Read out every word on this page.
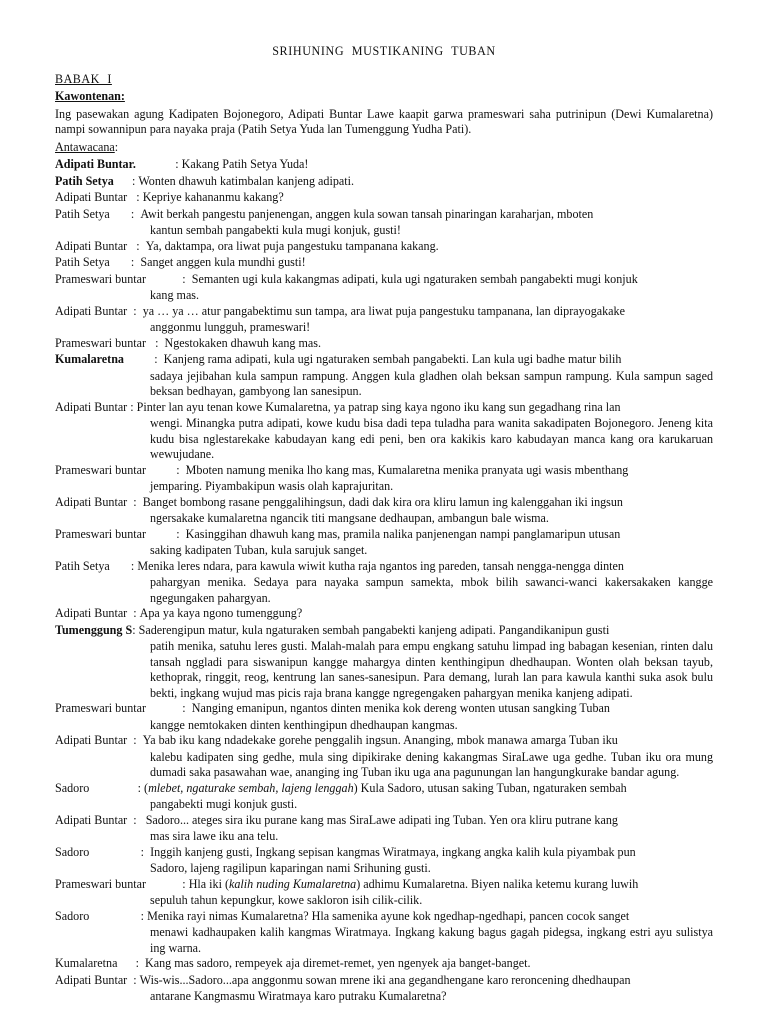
SRIHUNING MUSTIKANING TUBAN
BABAK I
Kawontenan:
Ing pasewakan agung Kadipaten Bojonegoro, Adipati Buntar Lawe kaapit garwa prameswari saha putrinipun (Dewi Kumalaretna) nampi sowannipun para nayaka praja (Patih Setya Yuda lan Tumenggung Yudha Pati).
Antawacana:
Adipati Buntar. : Kakang Patih Setya Yuda!
Patih Setya : Wonten dhawuh katimbalan kanjeng adipati.
Adipati Buntar : Kepriye kahananmu kakang?
Patih Setya : Awit berkah pangestu panjenengan, anggen kula sowan tansah pinaringan karaharjan, mboten
kantun sembah pangabekti kula mugi konjuk, gusti!
Adipati Buntar : Ya, daktampa, ora liwat puja pangestuku tampanana kakang.
Patih Setya : Sanget anggen kula mundhi gusti!
Prameswari buntar : Semanten ugi kula kakangmas adipati, kula ugi ngaturaken sembah pangabekti mugi konjuk
kang mas.
Adipati Buntar : ya … ya … atur pangabektimu sun tampa, ara liwat puja pangestuku tampanana, lan diprayogakake
anggonmu lungguh, prameswari!
Prameswari buntar : Ngestokaken dhawuh kang mas.
Kumalaretna : Kanjeng rama adipati, kula ugi ngaturaken sembah pangabekti. Lan kula ugi badhe matur bilih
sadaya jejibahan kula sampun rampung. Anggen kula gladhen olah beksan sampun rampung. Kula sampun saged beksan bedhayan, gambyong lan sanesipun.
Adipati Buntar : Pinter lan ayu tenan kowe Kumalaretna, ya patrap sing kaya ngono iku kang sun gegadhang rina lan
wengi. Minangka putra adipati, kowe kudu bisa dadi tepa tuladha para wanita sakadipaten Bojonegoro. Jeneng kita kudu bisa nglestarekake kabudayan kang edi peni, ben ora kakikis karo kabudayan manca kang ora karukaruan wewujudane.
Prameswari buntar : Mboten namung menika lho kang mas, Kumalaretna menika pranyata ugi wasis mbenthang
jemparing. Piyambakipun wasis olah kaprajuritan.
Adipati Buntar : Banget bombong rasane penggalihingsun, dadi dak kira ora kliru lamun ing kalenggahan iki ingsun
ngersakake kumalaretna ngancik titi mangsane dedhaupan, ambangun bale wisma.
Prameswari buntar : Kasinggihan dhawuh kang mas, pramila nalika panjenengan nampi panglamaripun utusan
saking kadipaten Tuban, kula sarujuk sanget.
Patih Setya : Menika leres ndara, para kawula wiwit kutha raja ngantos ing pareden, tansah nengga-nengga dinten
pahargyan menika. Sedaya para nayaka sampun samekta, mbok bilih sawanci-wanci kakersakaken kangge ngegungaken pahargyan.
Adipati Buntar : Apa ya kaya ngono tumenggung?
Tumenggung S : Saderengipun matur, kula ngaturaken sembah pangabekti kanjeng adipati. Pangandikanipun gusti
patih menika, satuhu leres gusti. Malah-malah para empu engkang satuhu limpad ing babagan kesenian, rinten dalu tansah nggladi para siswanipun kangge mahargya dinten kenthingipun dhedhaupan. Wonten olah beksan tayub, kethoprak, ringgit, reog, kentrung lan sanes-sanesipun. Para demang, lurah lan para kawula kanthi suka asok bulu bekti, ingkang wujud mas picis raja brana kangge ngregengaken pahargyan menika kanjeng adipati.
Prameswari buntar : Nanging emanipun, ngantos dinten menika kok dereng wonten utusan sangking Tuban
kangge nemtokaken dinten kenthingipun dhedhaupan kangmas.
Adipati Buntar : Ya bab iku kang ndadekake gorehe penggalih ingsun. Ananging, mbok manawa amarga Tuban iku
kalebu kadipaten sing gedhe, mula sing dipikirake dening kakangmas SiraLawe uga gedhe. Tuban iku ora mung dumadi saka pasawahan wae, ananging ing Tuban iku uga ana pagunungan lan hangungkurake bandar agung.
Sadoro : ( mlebet, ngaturake sembah, lajeng lenggah) Kula Sadoro, utusan saking Tuban, ngaturaken sembah
pangabekti mugi konjuk gusti.
Adipati Buntar : Sadoro... ateges sira iku purane kang mas SiraLawe adipati ing Tuban. Yen ora kliru putrane kang
mas sira lawe iku ana telu.
Sadoro : Inggih kanjeng gusti, Ingkang sepisan kangmas Wiratmaya, ingkang angka kalih kula piyambak pun
Sadoro, lajeng ragilipun kaparingan nami Srihuning gusti.
Prameswari buntar : Hla iki (kalih nuding Kumalaretna) adhimu Kumalaretna. Biyen nalika ketemu kurang luwih
sepuluh tahun kepungkur, kowe sakloron isih cilik-cilik.
Sadoro : Menika rayi nimas Kumalaretna? Hla samenika ayune kok ngedhap-ngedhapi, pancen cocok sanget
menawi kadhaupaken kalih kangmas Wiratmaya. Ingkang kakung bagus gagah pidegsa, ingkang estri ayu sulistya ing warna.
Kumalaretna : Kang mas sadoro, rempeyek aja diremet-remet, yen ngenyek aja banget-banget.
Adipati Buntar : Wis-wis...Sadoro...apa anggonmu sowan mrene iki ana gegandhengane karo reroncening dhedhaupan
antarane Kangmasmu Wiratmaya karo putraku Kumalaretna?
